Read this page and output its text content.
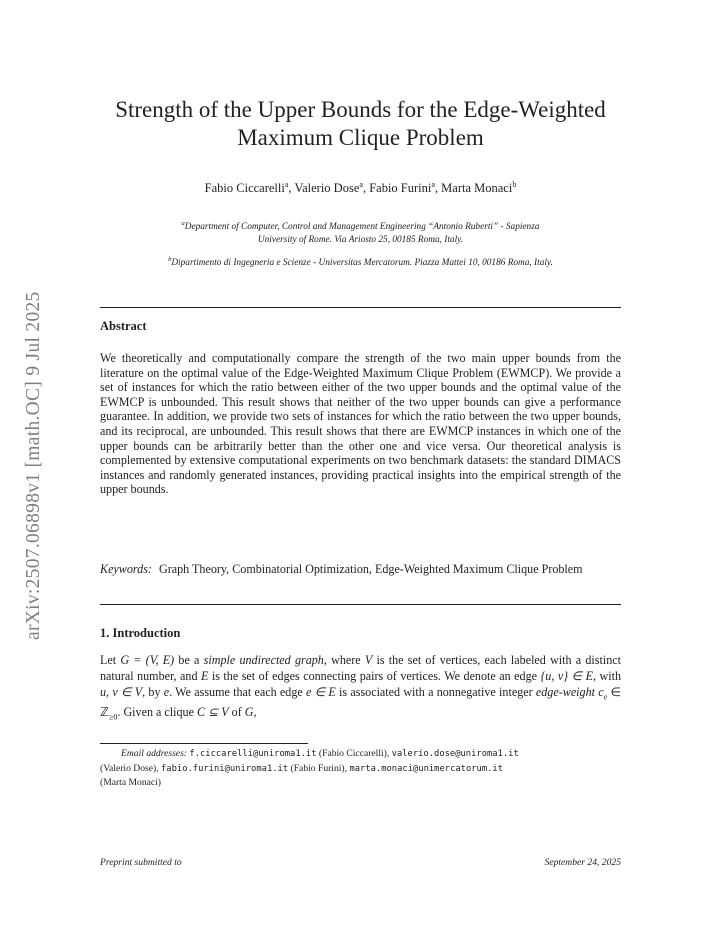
arXiv:2507.06898v1 [math.OC] 9 Jul 2025
Strength of the Upper Bounds for the Edge-Weighted
Maximum Clique Problem
Fabio Ciccarelli$^a$, Valerio Dose$^a$, Fabio Furini$^a$, Marta Monaci$^b$
$^a$Department of Computer, Control and Management Engineering “Antonio Ruberti” - Sapienza
University of Rome. Via Ariosto 25, 00185 Roma, Italy.
$^b$Dipartimento di Ingegneria e Scienze - Universitas Mercatorum. Piazza Mattei 10, 00186 Roma, Italy.
Abstract
We theoretically and computationally compare the strength of the two main upper bounds from the literature on the optimal value of the Edge-Weighted Maximum Clique Problem (EWMCP). We provide a set of instances for which the ratio between either of the two upper bounds and the optimal value of the EWMCP is unbounded. This result shows that neither of the two upper bounds can give a performance guarantee. In addition, we provide two sets of instances for which the ratio between the two upper bounds, and its reciprocal, are unbounded. This result shows that there are EWMCP instances in which one of the upper bounds can be arbitrarily better than the other one and vice versa. Our theoretical analysis is complemented by extensive computational experiments on two benchmark datasets: the standard DIMACS instances and randomly generated instances, providing practical insights into the empirical strength of the upper bounds.
Keywords: Graph Theory, Combinatorial Optimization, Edge-Weighted Maximum Clique Problem
1. Introduction
Let G = (V, E) be a simple undirected graph, where V is the set of vertices, each labeled with a distinct natural number, and E is the set of edges connecting pairs of vertices. We denote an edge {u, v} ∈ E, with u, v ∈ V, by e. We assume that each edge e ∈ E is associated with a nonnegative integer edge-weight $c_e$ ∈ ℤ$_{\ge 0}$. Given a clique C ⊆ V of G,
Email addresses: f.ciccarelli@uniroma1.it (Fabio Ciccarelli), valerio.dose@uniroma1.it
(Valerio Dose), fabio.furini@uniroma1.it (Fabio Furini), marta.monaci@unimercatorum.it
(Marta Monaci)
Preprint submitted to	September 24, 2025
